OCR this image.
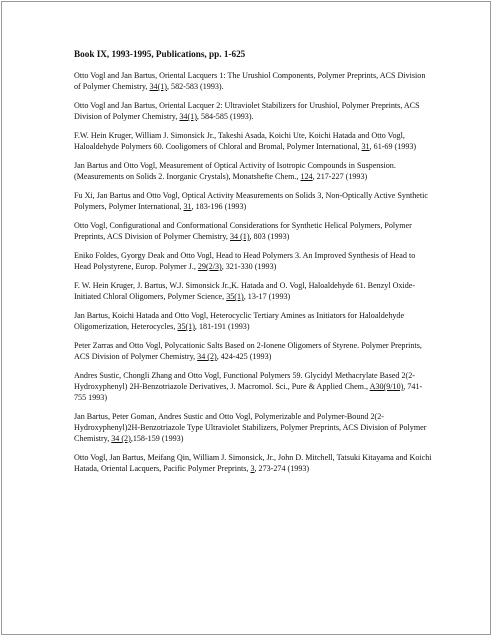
Book IX, 1993-1995, Publications, pp. 1-625
Otto Vogl and Jan Bartus, Oriental Lacquers 1: The Urushiol Components, Polymer Preprints, ACS Division of Polymer Chemistry, 34(1), 582-583 (1993).
Otto Vogl and Jan Bartus, Oriental Lacquer 2: Ultraviolet Stabilizers for Urushiol, Polymer Preprints, ACS Division of Polymer Chemistry, 34(1), 584-585 (1993).
F.W. Hein Kruger, William J. Simonsick Jr., Takeshi Asada, Koichi Ute, Koichi Hatada and Otto Vogl, Haloaldehyde Polymers 60. Cooligomers of Chloral and Bromal, Polymer International, 31, 61-69 (1993)
Jan Bartus and Otto Vogl, Measurement of Optical Activity of Isotropic Compounds in Suspension. (Measurements on Solids 2. Inorganic Crystals), Monatshefte Chem., 124, 217-227 (1993)
Fu Xi, Jan Bartus and Otto Vogl, Optical Activity Measurements on Solids 3, Non-Optically Active Synthetic Polymers, Polymer International, 31, 183-196 (1993)
Otto Vogl, Configurational and Conformational Considerations for Synthetic Helical Polymers, Polymer Preprints, ACS Division of Polymer Chemistry, 34 (1), 803 (1993)
Eniko Foldes, Gyorgy Deak and Otto Vogl, Head to Head Polymers 3. An Improved Synthesis of Head to Head Polystyrene, Europ. Polymer J., 29(2/3), 321-330 (1993)
F. W. Hein Kruger, J. Bartus, W.J. Simonsick Jr.,K. Hatada and O. Vogl, Haloaldehyde 61. Benzyl Oxide-Initiated Chloral Oligomers, Polymer Science, 35(1), 13-17 (1993)
Jan Bartus, Koichi Hatada and Otto Vogl, Heterocyclic Tertiary Amines as Initiators for Haloaldehyde Oligomerization, Heterocycles, 35(1), 181-191 (1993)
Peter Zarras and Otto Vogl, Polycationic Salts Based on 2-Ionene Oligomers of Styrene. Polymer Preprints, ACS Division of Polymer Chemistry, 34 (2), 424-425 (1993)
Andres Sustic, Chongli Zhang and Otto Vogl, Functional Polymers 59. Glycidyl Methacrylate Based 2(2-Hydroxyphenyl) 2H-Benzotriazole Derivatives, J. Macromol. Sci., Pure & Applied Chem., A30(9/10), 741-755 1993)
Jan Bartus, Peter Goman, Andres Sustic and Otto Vogl, Polymerizable and Polymer-Bound 2(2-Hydroxyphenyl)2H-Benzotriazole Type Ultraviolet Stabilizers, Polymer Preprints, ACS Division of Polymer Chemistry, 34 (2),158-159 (1993)
Otto Vogl, Jan Bartus, Meifang Qin, William J. Simonsick, Jr., John D. Mitchell, Tatsuki Kitayama and Koichi Hatada, Oriental Lacquers, Pacific Polymer Preprints, 3, 273-274 (1993)
